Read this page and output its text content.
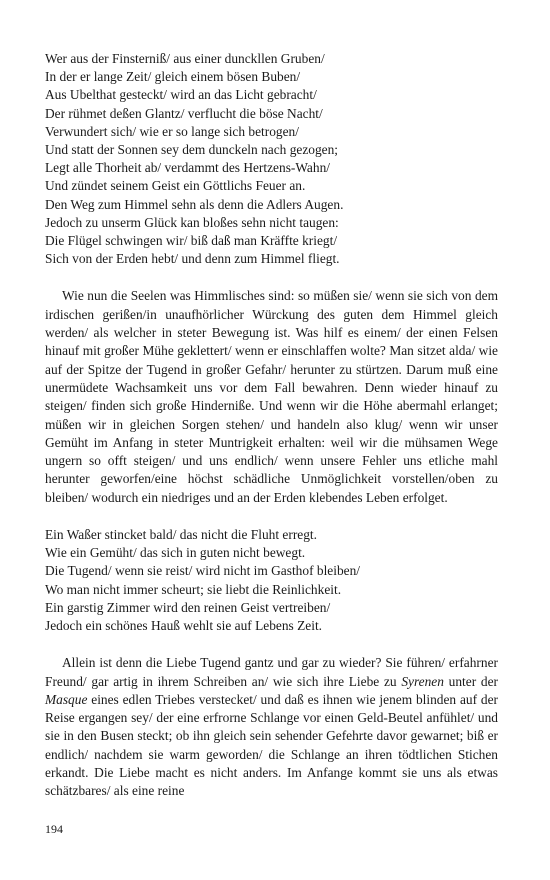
Wer aus der Finsterniß/ aus einer dunckllen Gruben/
In der er lange Zeit/ gleich einem bösen Buben/
Aus Ubelthat gesteckt/ wird an das Licht gebracht/
Der rühmet deßen Glantz/ verflucht die böse Nacht/
Verwundert sich/ wie er so lange sich betrogen/
Und statt der Sonnen sey dem dunckeln nach gezogen;
Legt alle Thorheit ab/ verdammt des Hertzens-Wahn/
Und zündet seinem Geist ein Göttlichs Feuer an.
Den Weg zum Himmel sehn als denn die Adlers Augen.
Jedoch zu unserm Glück kan bloßes sehn nicht taugen:
Die Flügel schwingen wir/ biß daß man Kräffte kriegt/
Sich von der Erden hebt/ und denn zum Himmel fliegt.

Wie nun die Seelen was Himmlisches sind: so müßen sie/ wenn sie sich von dem irdischen gerißen/in unaufhörlicher Würckung des guten dem Himmel gleich werden/ als welcher in steter Bewegung ist. Was hilf es einem/ der einen Felsen hinauf mit großer Mühe geklettert/ wenn er einschlaffen wolte? Man sitzet alda/ wie auf der Spitze der Tugend in großer Gefahr/ herunter zu stürtzen. Darum muß eine unermüdete Wachsamkeit uns vor dem Fall bewahren. Denn wieder hinauf zu steigen/ finden sich große Hinderniße. Und wenn wir die Höhe abermahl erlanget; müßen wir in gleichen Sorgen stehen/ und handeln also klug/ wenn wir unser Gemüht im Anfang in steter Muntrigkeit erhalten: weil wir die mühsamen Wege ungern so offt steigen/ und uns endlich/ wenn unsere Fehler uns etliche mahl herunter geworfen/eine höchst schädliche Unmöglichkeit vorstellen/oben zu bleiben/ wodurch ein niedriges und an der Erden klebendes Leben erfolget.

Ein Waßer stincket bald/ das nicht die Fluht erregt.
Wie ein Gemüht/ das sich in guten nicht bewegt.
Die Tugend/ wenn sie reist/ wird nicht im Gasthof bleiben/
Wo man nicht immer scheurt; sie liebt die Reinlichkeit.
Ein garstig Zimmer wird den reinen Geist vertreiben/
Jedoch ein schönes Hauß wehlt sie auf Lebens Zeit.

Allein ist denn die Liebe Tugend gantz und gar zu wieder? Sie führen/ erfahrner Freund/ gar artig in ihrem Schreiben an/ wie sich ihre Liebe zu Syrenen unter der Masque eines edlen Triebes verstecket/ und daß es ihnen wie jenem blinden auf der Reise ergangen sey/ der eine erfrorne Schlange vor einen Geld-Beutel anfühlet/ und sie in den Busen steckt; ob ihn gleich sein sehender Gefehrte davor gewarnet; biß er endlich/ nachdem sie warm geworden/ die Schlange an ihren tödtlichen Stichen erkandt. Die Liebe macht es nicht anders. Im Anfange kommt sie uns als etwas schätzbares/ als eine reine

194
